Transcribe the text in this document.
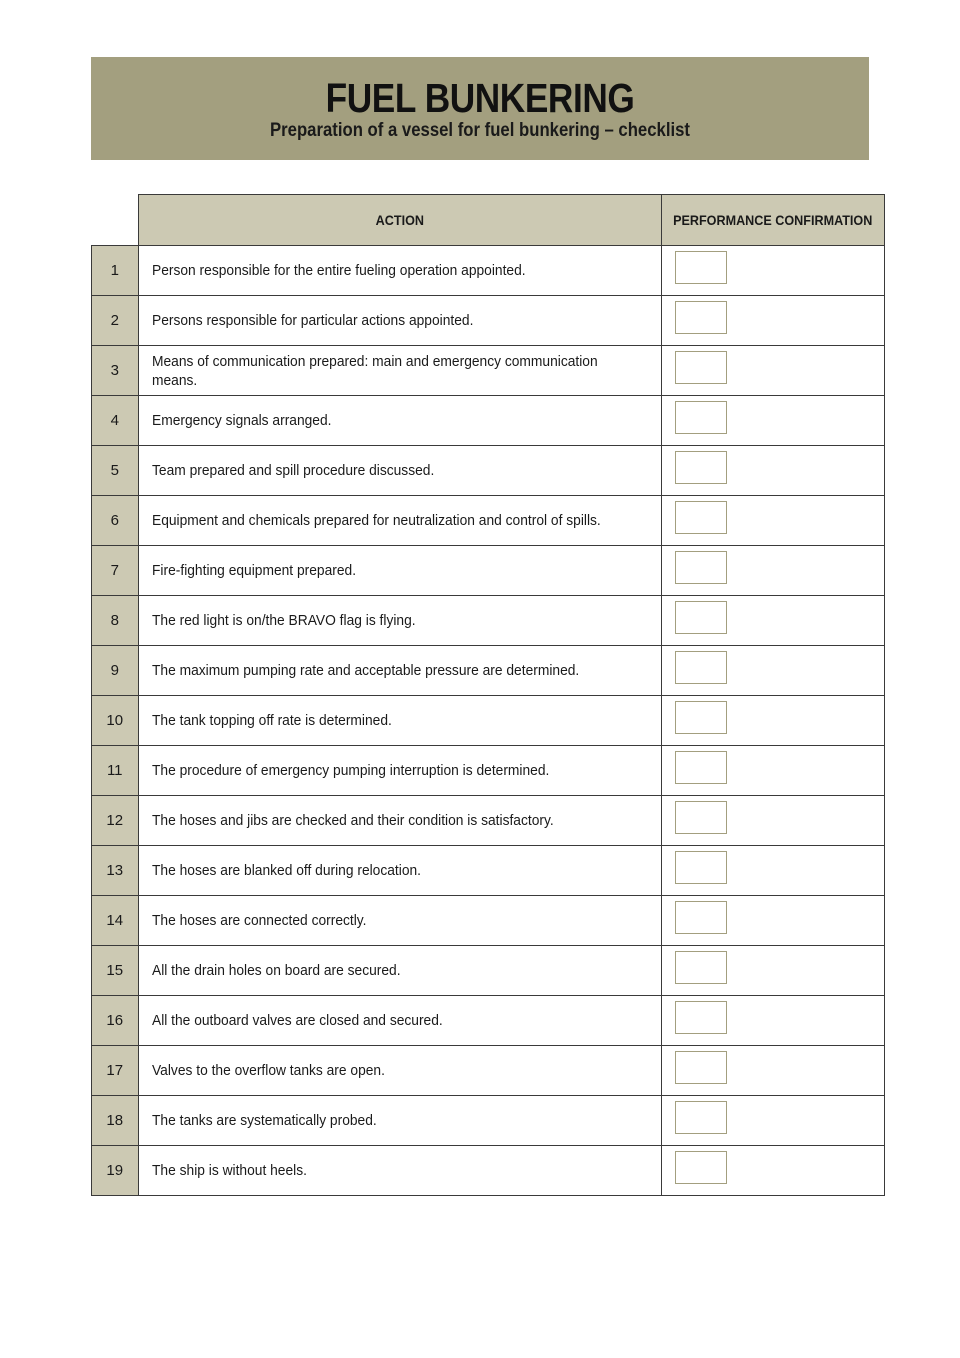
FUEL BUNKERING
Preparation of a vessel for fuel bunkering – checklist
	ACTION	PERFORMANCE CONFIRMATION
1	Person responsible for the entire fueling operation appointed.	

2	Persons responsible for particular actions appointed.	

3	Means of communication prepared: main and emergency communication means.	

4	Emergency signals arranged.	

5	Team prepared and spill procedure discussed.	

6	Equipment and chemicals prepared for neutralization and control of spills.	

7	Fire-fighting equipment prepared.	

8	The red light is on/the BRAVO flag is flying.	

9	The maximum pumping rate and acceptable pressure are determined.	

10	The tank topping off rate is determined.	

11	The procedure of emergency pumping interruption is determined.	

12	The hoses and jibs are checked and their condition is satisfactory.	

13	The hoses are blanked off during relocation.	

14	The hoses are connected correctly.	

15	All the drain holes on board are secured.	

16	All the outboard valves are closed and secured.	

17	Valves to the overflow tanks are open.	

18	The tanks are systematically probed.	

19	The ship is without heels.	
